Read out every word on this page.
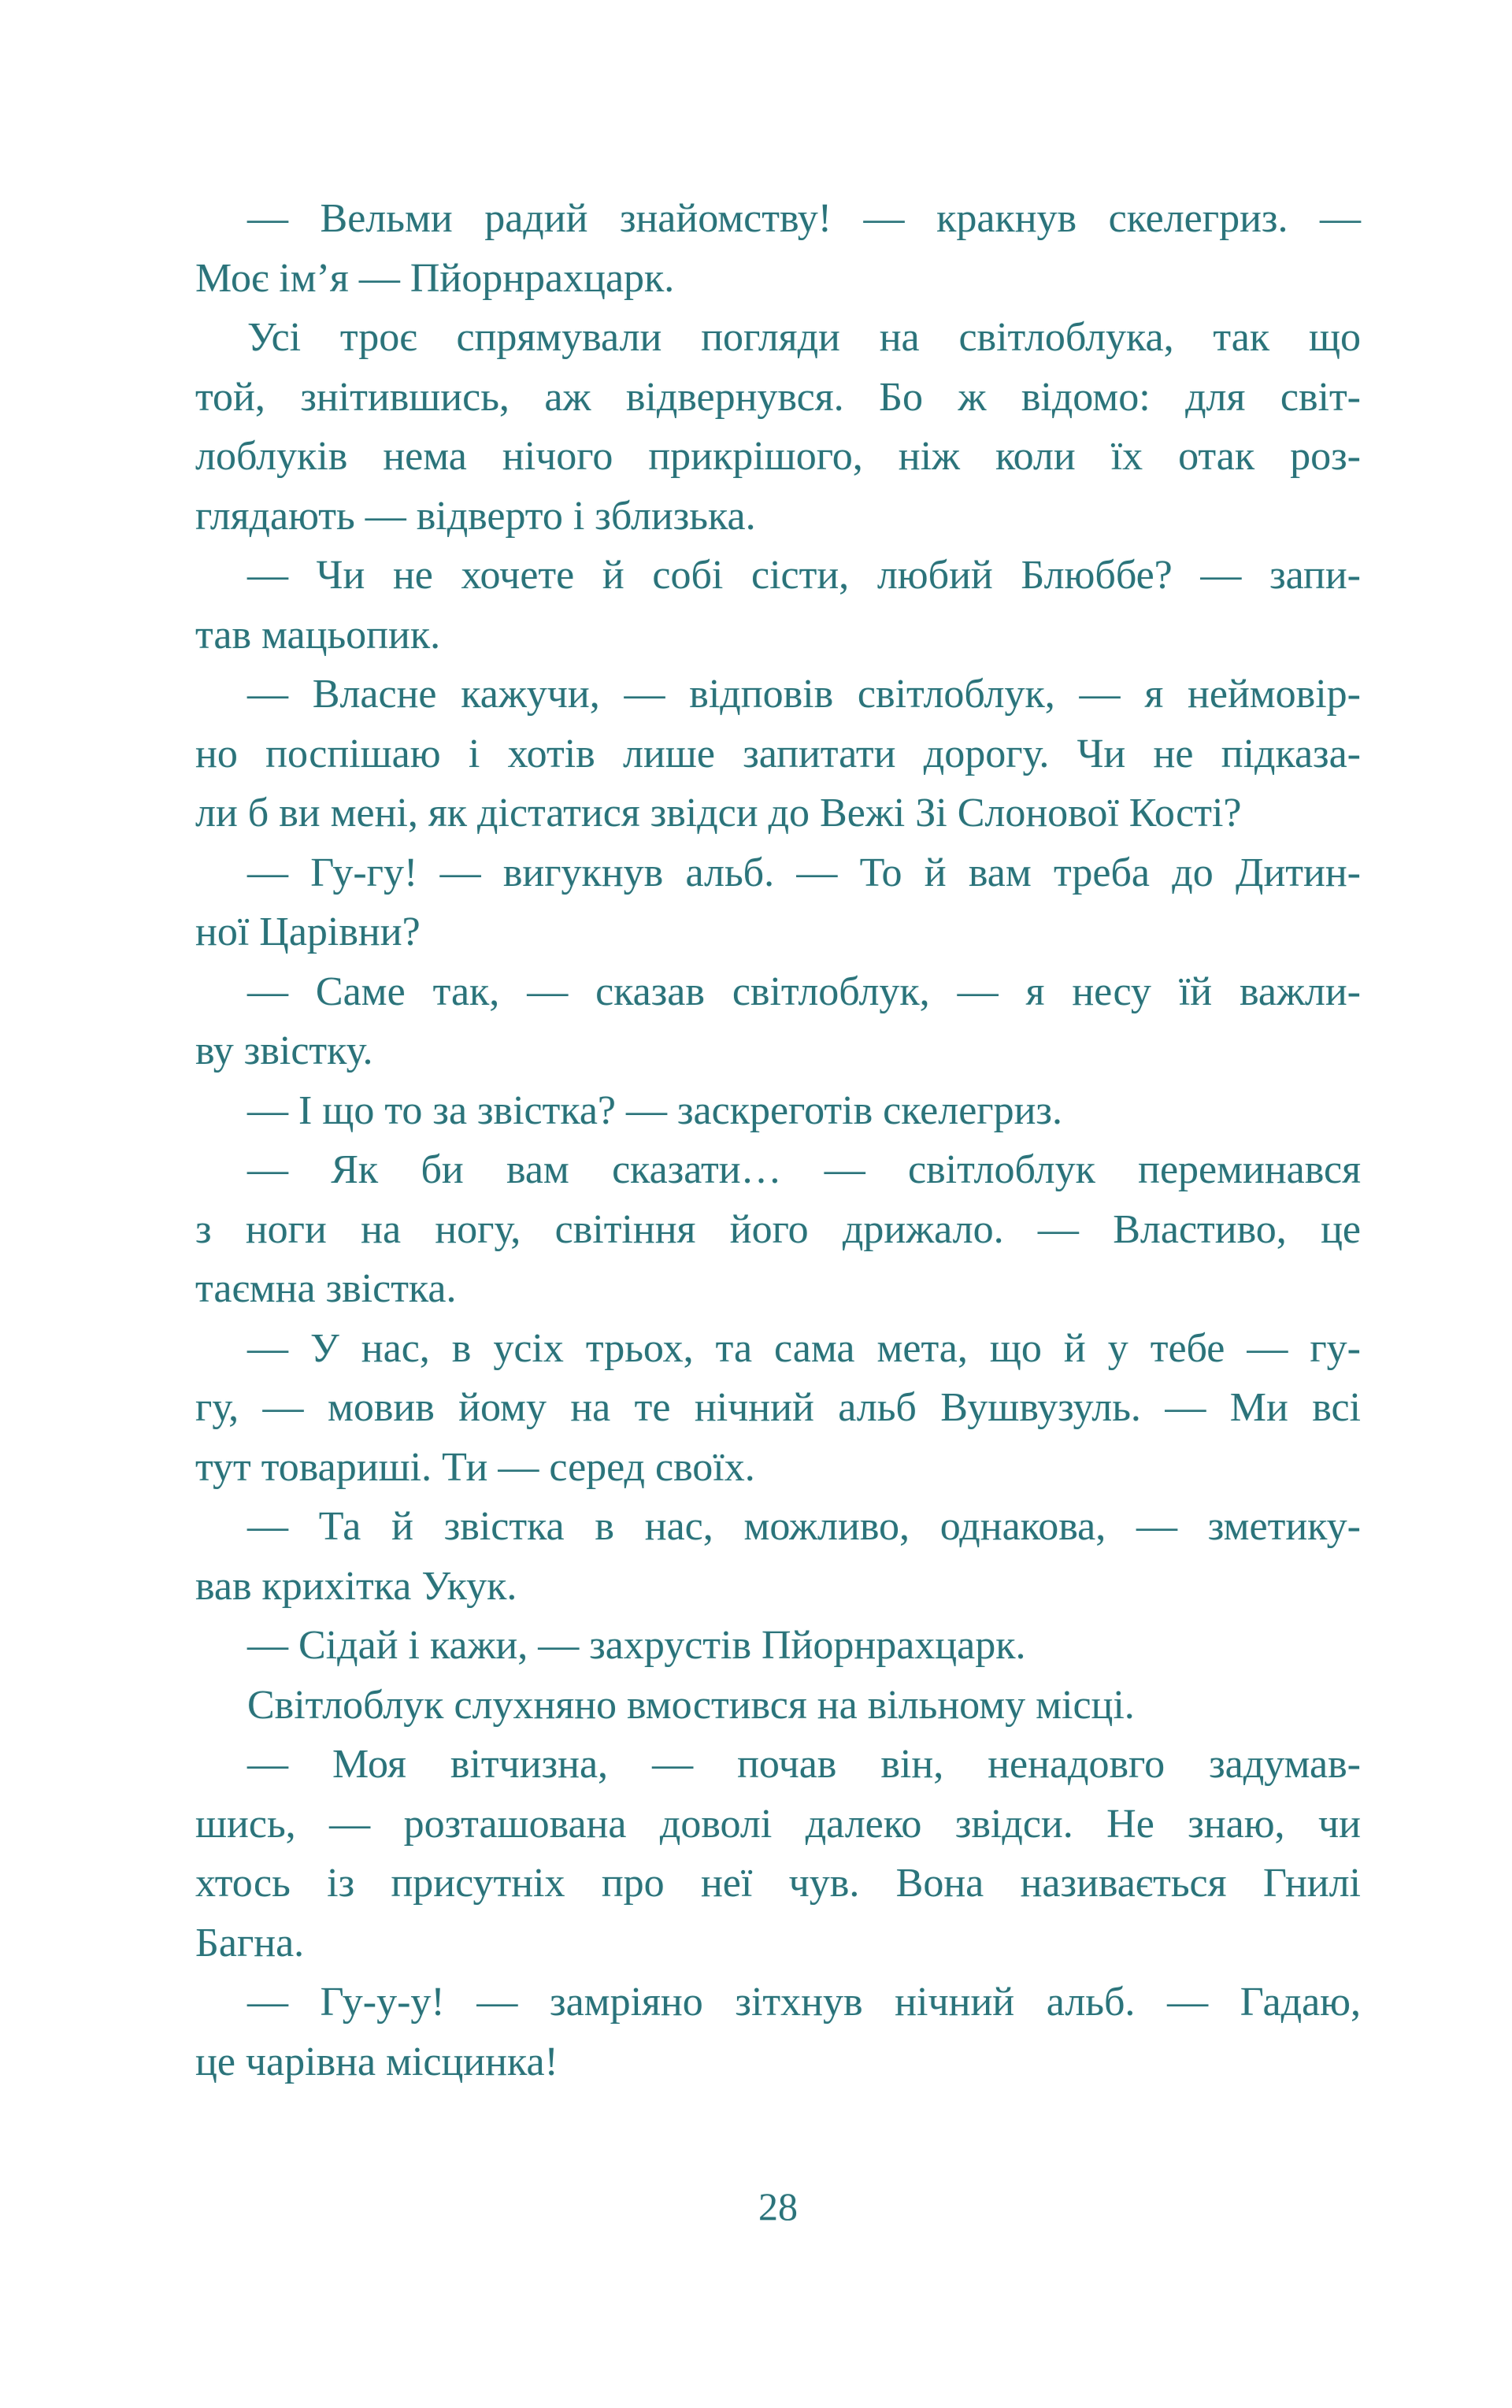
— Вельми радий знайомству! — кракнув скелегриз. —
Моє ім’я — Пйорнрахцарк.
Усі троє спрямували погляди на світлоблука, так що
той, знітившись, аж відвернувся. Бо ж відомо: для світ-
лоблуків нема нічого прикрішого, ніж коли їх отак роз-
глядають — відверто і зблизька.
— Чи не хочете й собі сісти, любий Блюббе? — запи-
тав мацьопик.
— Власне кажучи, — відповів світлоблук, — я неймовір-
но поспішаю і хотів лише запитати дорогу. Чи не підказа-
ли б ви мені, як дістатися звідси до Вежі Зі Слонової Кості?
— Гу-гу! — вигукнув альб. — То й вам треба до Дитин-
ної Царівни?
— Саме так, — сказав світлоблук, — я несу їй важли-
ву звістку.
— І що то за звістка? — заскреготів скелегриз.
— Як би вам сказати… — світлоблук переминався
з ноги на ногу, світіння його дрижало. — Властиво, це
таємна звістка.
— У нас, в усіх трьох, та сама мета, що й у тебе — гу-
гу, — мовив йому на те нічний альб Вушвузуль. — Ми всі
тут товариші. Ти — серед своїх.
— Та й звістка в нас, можливо, однакова, — зметику-
вав крихітка Укук.
— Сідай і кажи, — захрустів Пйорнрахцарк.
Світлоблук слухняно вмостився на вільному місці.
— Моя вітчизна, — почав він, ненадовго задумав-
шись, — розташована доволі далеко звідси. Не знаю, чи
хтось із присутніх про неї чув. Вона називається Гнилі
Багна.
— Гу-у-у! — замріяно зітхнув нічний альб. — Гадаю,
це чарівна місцинка!
28
